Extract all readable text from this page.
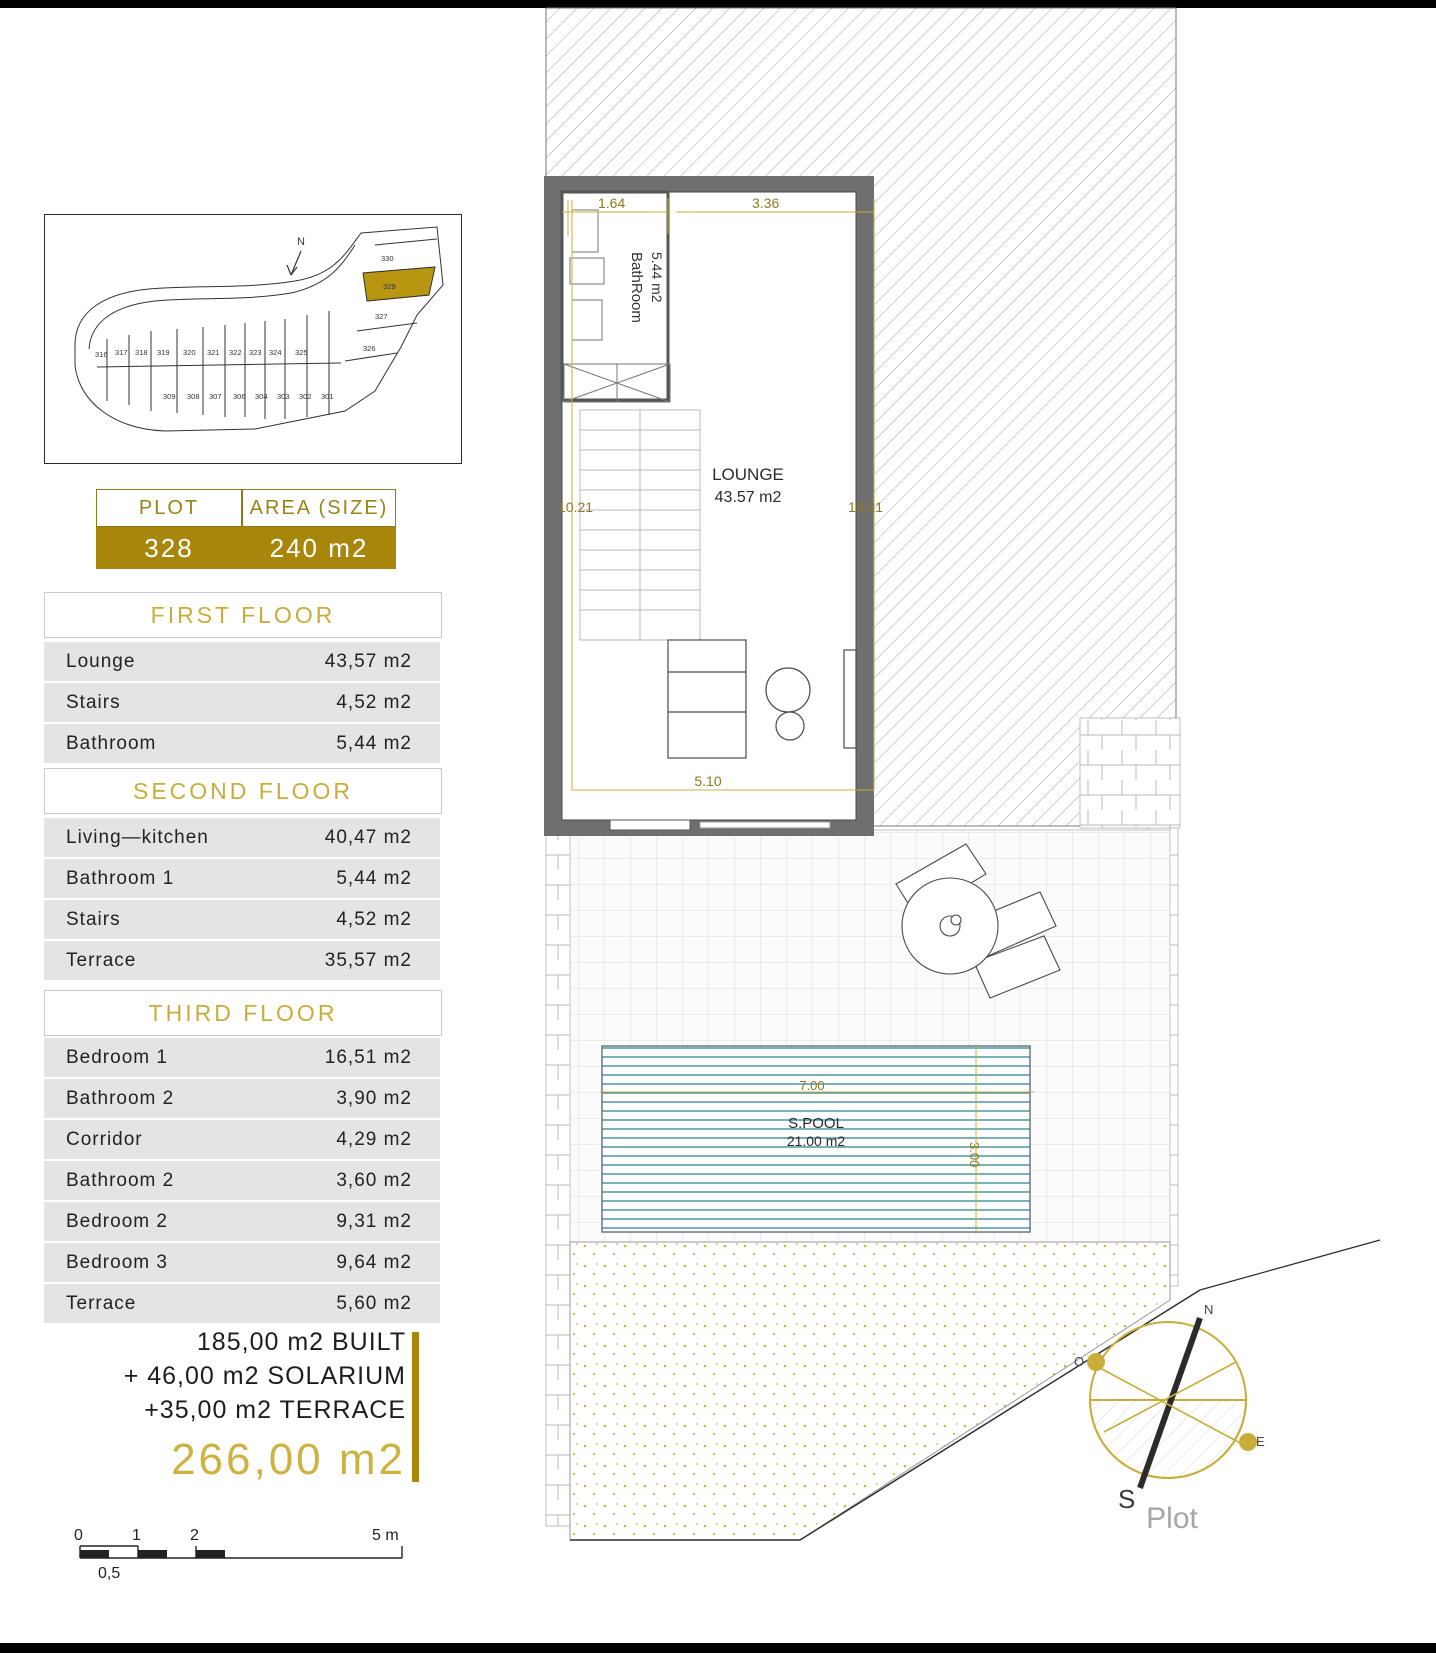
N
330
329
327
326
316 317 318 319 320 321 322 323 324 325
309 308 307 306 304 303 302 301
PLOT	AREA (SIZE)
328	240 m2
FIRST FLOOR
Lounge	43,57 m2
Stairs	4,52 m2
Bathroom	5,44 m2
SECOND FLOOR
Living—kitchen	40,47 m2
Bathroom 1	5,44 m2
Stairs	4,52 m2
Terrace	35,57 m2
THIRD FLOOR
Bedroom 1	16,51 m2
Bathroom 2	3,90 m2
Corridor	4,29 m2
Bathroom 2	3,60 m2
Bedroom 2	9,31 m2
Bedroom 3	9,64 m2
Terrace	5,60 m2
185,00 m2 BUILT
+ 46,00 m2 SOLARIUM
+35,00 m2 TERRACE
266,00 m2
0	1	2	5 m
0,5
BathRoom 5.44 m2
LOUNGE
43.57 m2
1.64	3.36
10.21	10.21
5.10
S.POOL
21.00 m2
7.00
3.00
N
O
E
S
Plot
